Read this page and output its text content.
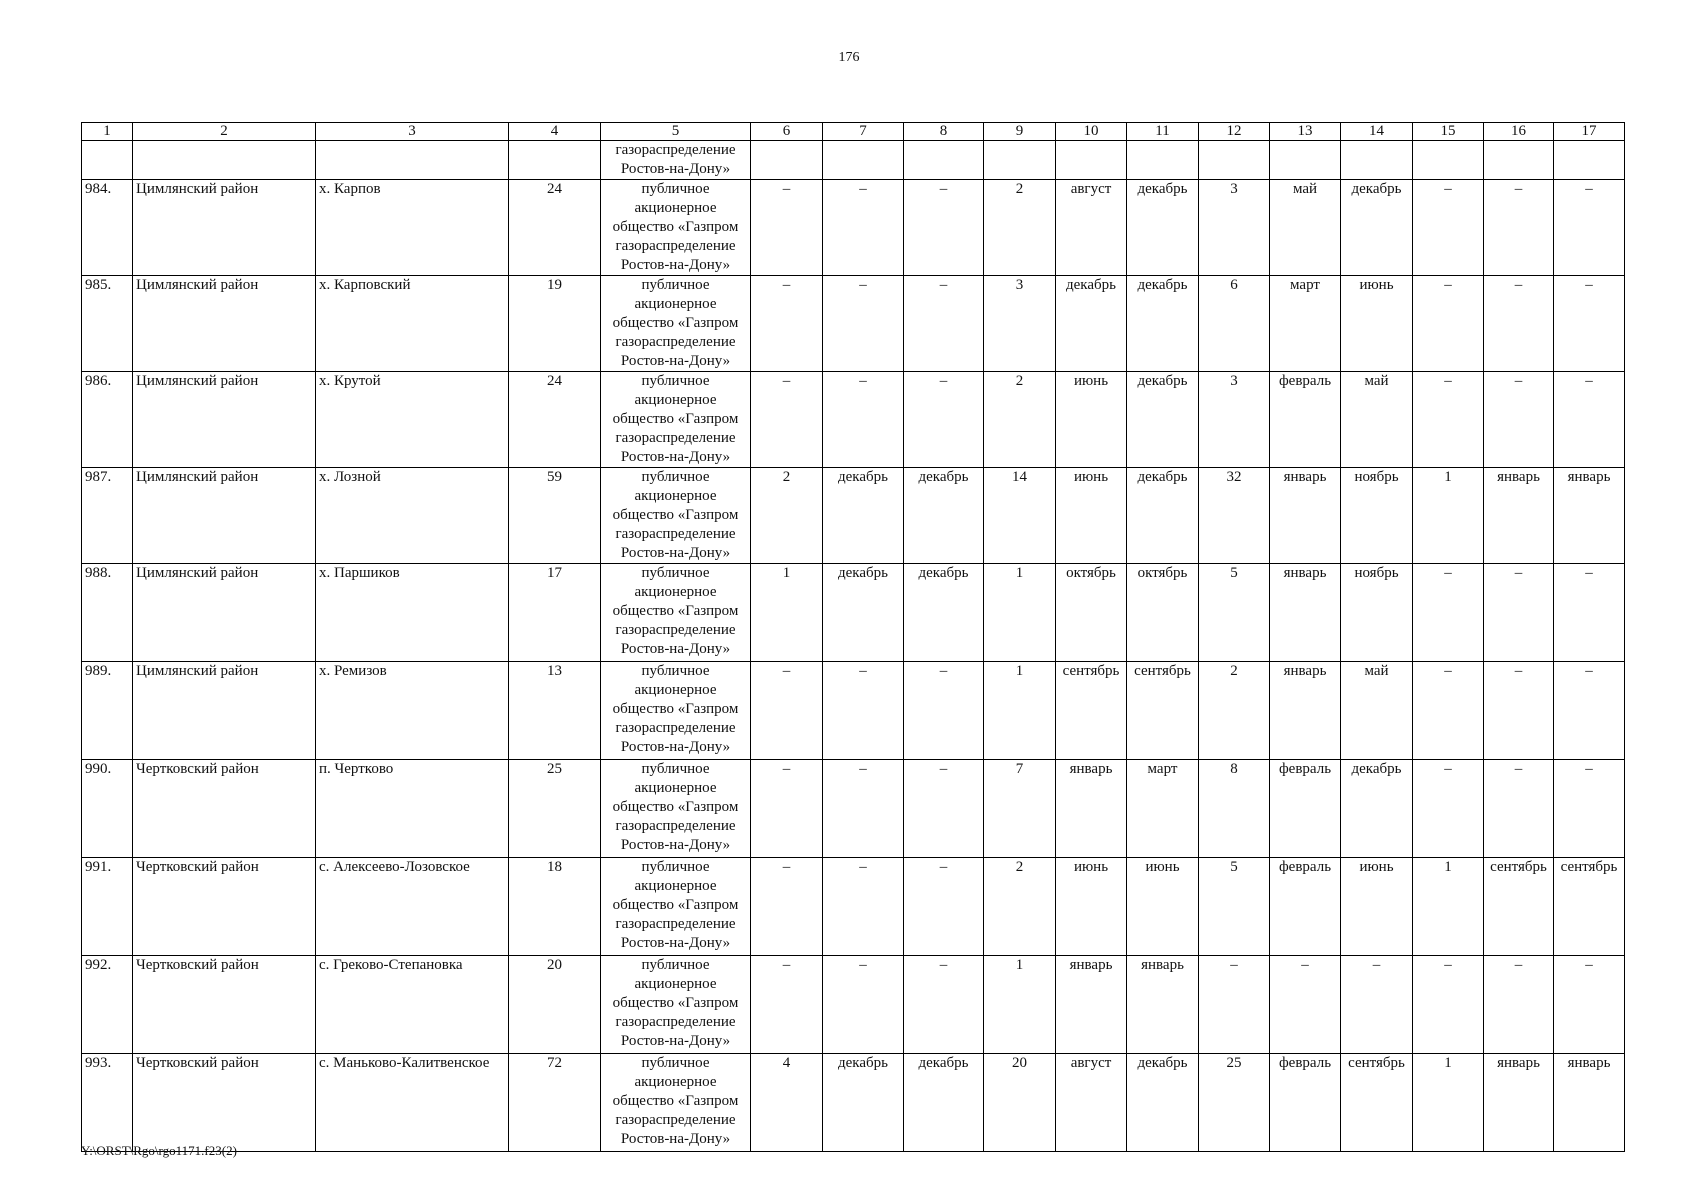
176
1	2	3	4	5	6	7	8	9	10	11	12	13	14	15	16	17

				газораспределение
Ростов-на-Дону»												

984.	Цимлянский район	х. Карпов	24	публичное
акционерное
общество «Газпром
газораспределение
Ростов-на-Дону»	–	–	–	2	август	декабрь	3	май	декабрь	–	–	–
985.	Цимлянский район	х. Карповский	19	публичное
акционерное
общество «Газпром
газораспределение
Ростов-на-Дону»	–	–	–	3	декабрь	декабрь	6	март	июнь	–	–	–
986.	Цимлянский район	х. Крутой	24	публичное
акционерное
общество «Газпром
газораспределение
Ростов-на-Дону»	–	–	–	2	июнь	декабрь	3	февраль	май	–	–	–
987.	Цимлянский район	х. Лозной	59	публичное
акционерное
общество «Газпром
газораспределение
Ростов-на-Дону»	2	декабрь	декабрь	14	июнь	декабрь	32	январь	ноябрь	1	январь	январь
988.	Цимлянский район	х. Паршиков	17	публичное
акционерное
общество «Газпром
газораспределение
Ростов-на-Дону»	1	декабрь	декабрь	1	октябрь	октябрь	5	январь	ноябрь	–	–	–
989.	Цимлянский район	х. Ремизов	13	публичное
акционерное
общество «Газпром
газораспределение
Ростов-на-Дону»	–	–	–	1	сентябрь	сентябрь	2	январь	май	–	–	–
990.	Чертковский район	п. Чертково	25	публичное
акционерное
общество «Газпром
газораспределение
Ростов-на-Дону»	–	–	–	7	январь	март	8	февраль	декабрь	–	–	–
991.	Чертковский район	с. Алексеево-Лозовское	18	публичное
акционерное
общество «Газпром
газораспределение
Ростов-на-Дону»	–	–	–	2	июнь	июнь	5	февраль	июнь	1	сентябрь	сентябрь
992.	Чертковский район	с. Греково-Степановка	20	публичное
акционерное
общество «Газпром
газораспределение
Ростов-на-Дону»	–	–	–	1	январь	январь	–	–	–	–	–	–
993.	Чертковский район	с. Маньково-Калитвенское	72	публичное
акционерное
общество «Газпром
газораспределение
Ростов-на-Дону»	4	декабрь	декабрь	20	август	декабрь	25	февраль	сентябрь	1	январь	январь
Y:\ORST\Rgo\rgo1171.f23(2)
